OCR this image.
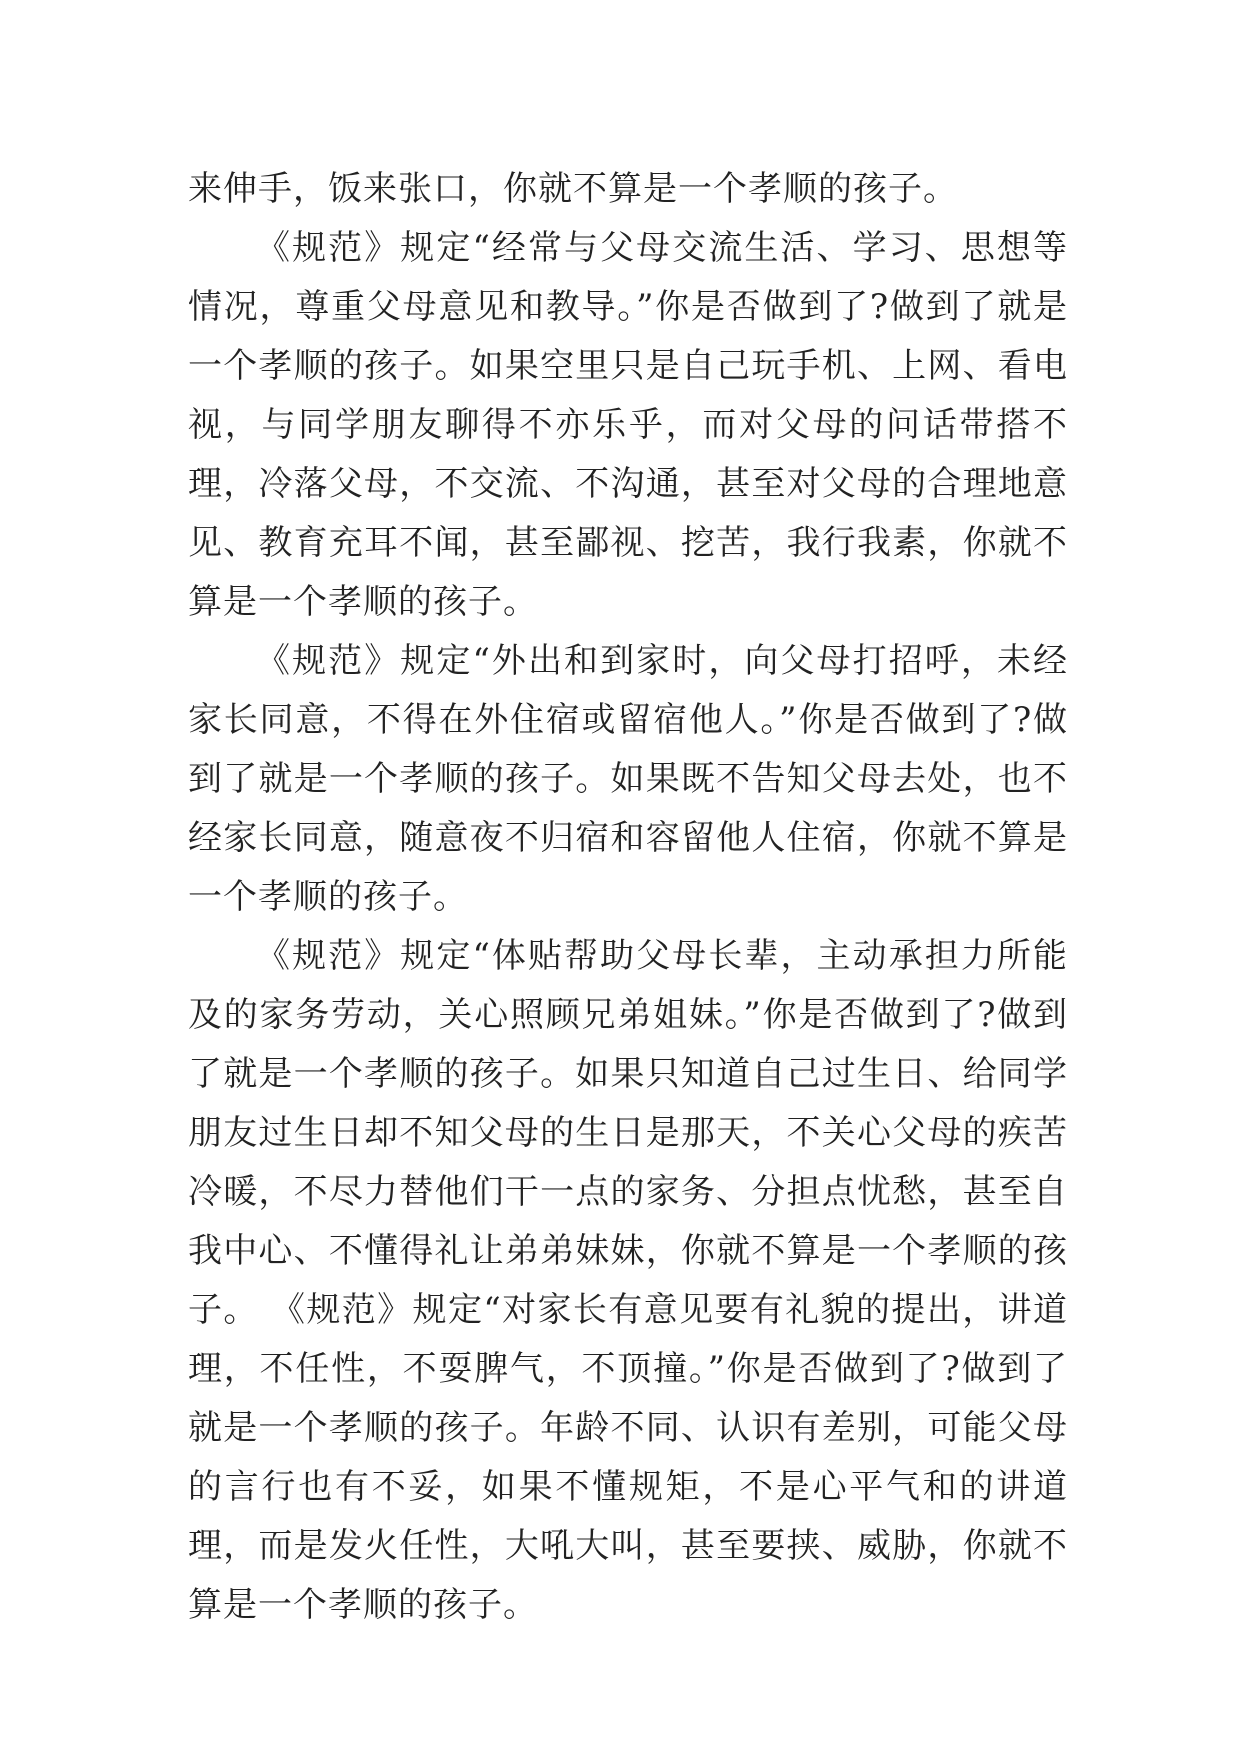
来伸手，饭来张口，你就不算是一个孝顺的孩子。

《规范》规定“经常与父母交流生活、学习、思想等情况，尊重父母意见和教导。”你是否做到了?做到了就是一个孝顺的孩子。如果空里只是自己玩手机、上网、看电视，与同学朋友聊得不亦乐乎，而对父母的问话带搭不理，冷落父母，不交流、不沟通，甚至对父母的合理地意见、教育充耳不闻，甚至鄙视、挖苦，我行我素，你就不算是一个孝顺的孩子。

《规范》规定“外出和到家时，向父母打招呼，未经家长同意，不得在外住宿或留宿他人。”你是否做到了?做到了就是一个孝顺的孩子。如果既不告知父母去处，也不经家长同意，随意夜不归宿和容留他人住宿，你就不算是一个孝顺的孩子。

《规范》规定“体贴帮助父母长辈，主动承担力所能及的家务劳动，关心照顾兄弟姐妹。”你是否做到了?做到了就是一个孝顺的孩子。如果只知道自己过生日、给同学朋友过生日却不知父母的生日是那天，不关心父母的疾苦冷暖，不尽力替他们干一点的家务、分担点忧愁，甚至自我中心、不懂得礼让弟弟妹妹，你就不算是一个孝顺的孩子。 《规范》规定“对家长有意见要有礼貌的提出，讲道理，不任性，不耍脾气，不顶撞。”你是否做到了?做到了就是一个孝顺的孩子。年龄不同、认识有差别，可能父母的言行也有不妥，如果不懂规矩，不是心平气和的讲道理，而是发火任性，大吼大叫，甚至要挟、威胁，你就不算是一个孝顺的孩子。
